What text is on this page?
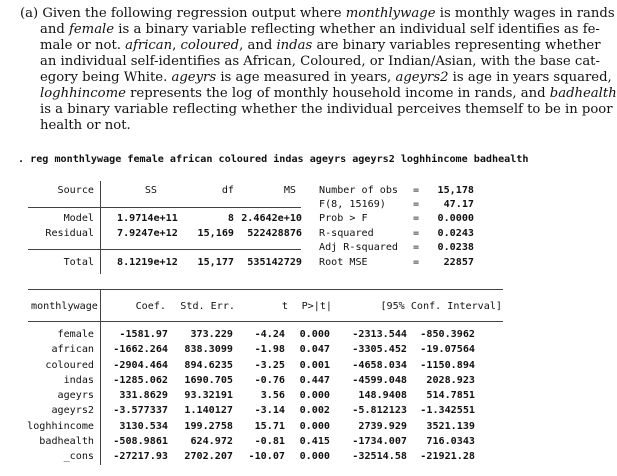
(a) Given the following regression output where monthlywage is monthly wages in rands
and female is a binary variable reflecting whether an individual self identifies as fe-
male or not. african, coloured, and indas are binary variables representing whether
an individual self-identifies as African, Coloured, or Indian/Asian, with the base cat-
egory being White. ageyrs is age measured in years, ageyrs2 is age in years squared,
loghhincome represents the log of monthly household income in rands, and badhealth
is a binary variable reflecting whether the individual perceives themself to be in poor
health or not.
. reg monthlywage female african coloured indas ageyrs ageyrs2 loghhincome badhealth
Source	SS	df	MS
Model 1.9714e+11	8 2.4642e+10
Residual 7.9247e+12 15,169 522428876
Total 8.1219e+12 15,177 535142729
Number of obs = 15,178
F(8, 15169)	= 47.17
Prob > F	= 0.0000
R-squared	= 0.0243
Adj R-squared = 0.0238
Root MSE	= 22857
monthlywage	Coef. Std. Err.	t P>|t|	[95% Conf. Interval]
female	-1581.97 373.229 -4.24 0.000 -2313.544 -850.3962
african -1662.264 838.3099 -1.98 0.047 -3305.452 -19.07564
coloured -2904.464 894.6235 -3.25 0.001 -4658.034 -1150.894
indas -1285.062 1690.705 -0.76 0.447 -4599.048 2028.923
ageyrs	331.8629 93.32191	3.56 0.000	148.9408 514.7851
ageyrs2 -3.577337 1.140127 -3.14 0.002 -5.812123 -1.342551
loghhincome	3130.534 199.2758 15.71 0.000	2739.929 3521.139
badhealth -508.9861 624.972 -0.81 0.415 -1734.007 716.0343
_cons -27217.93 2702.207 -10.07 0.000 -32514.58 -21921.28
